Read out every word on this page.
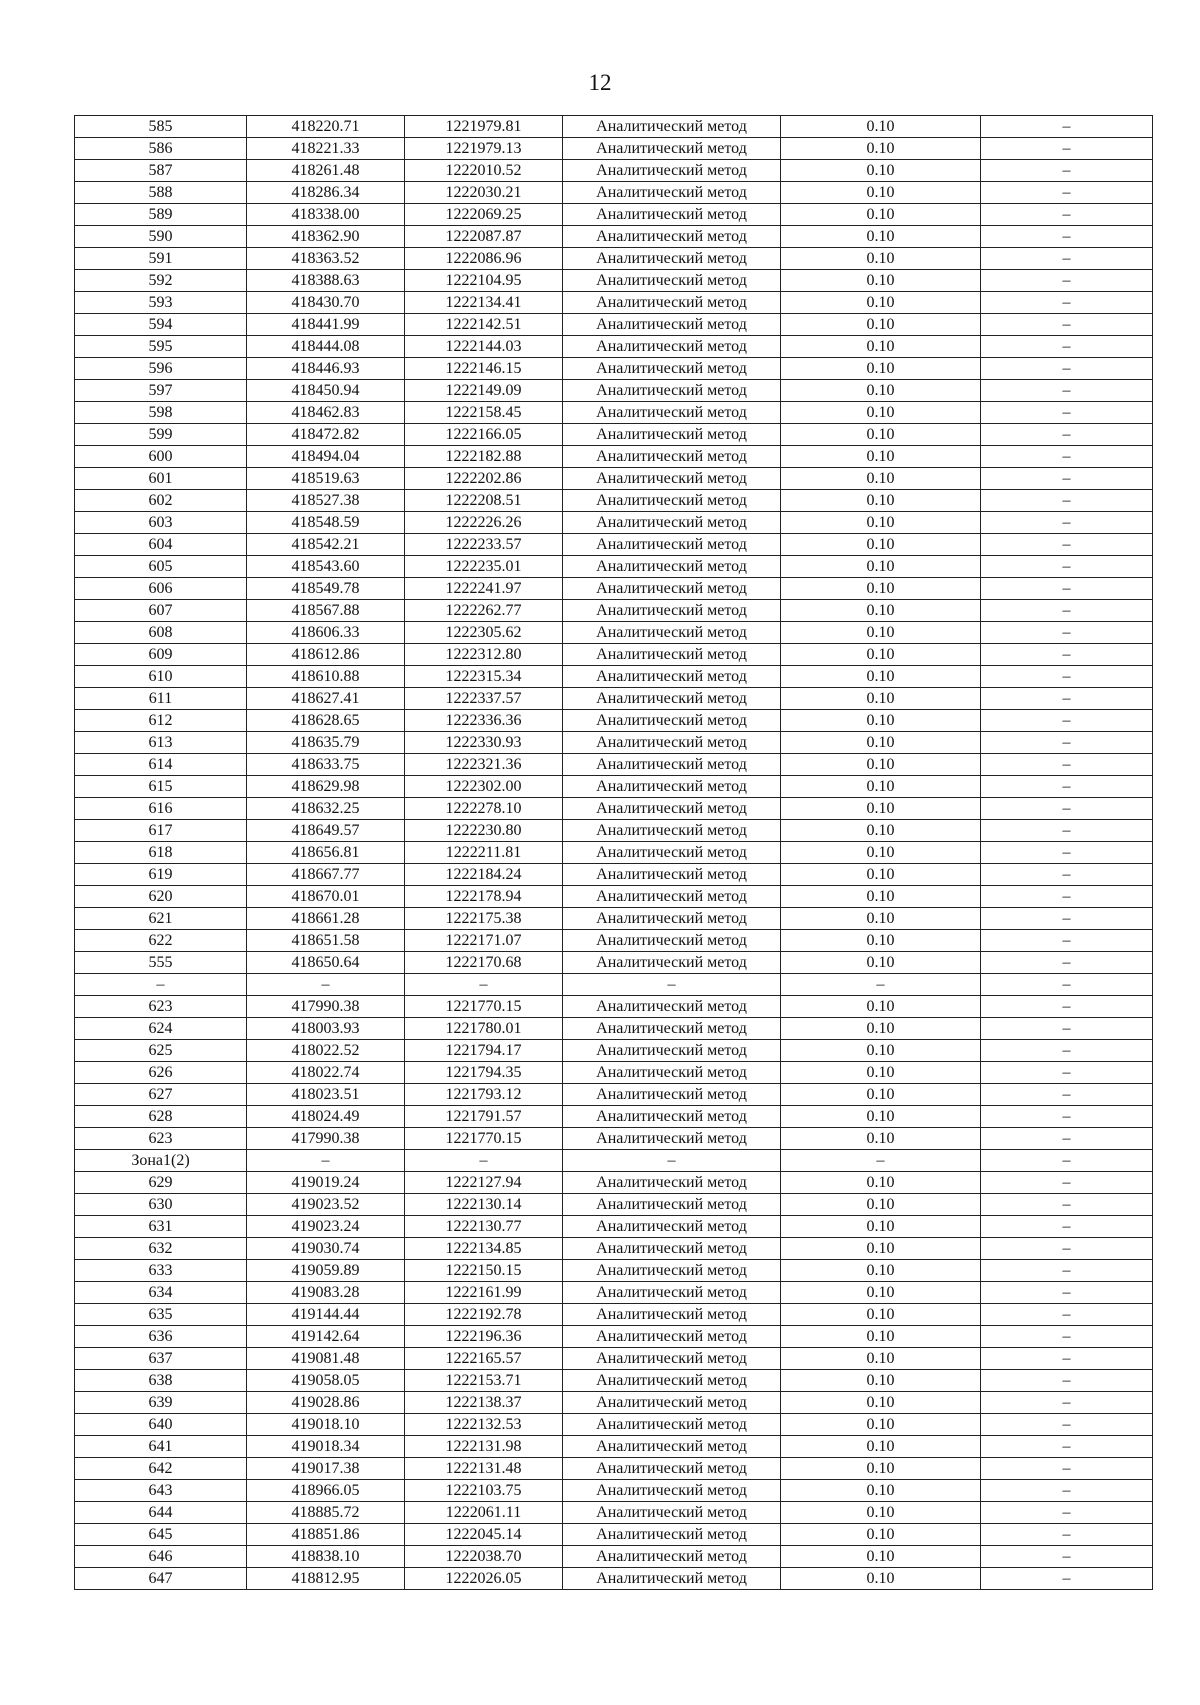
12
585	418220.71	1221979.81	Аналитический метод	0.10	–
586	418221.33	1221979.13	Аналитический метод	0.10	–
587	418261.48	1222010.52	Аналитический метод	0.10	–
588	418286.34	1222030.21	Аналитический метод	0.10	–
589	418338.00	1222069.25	Аналитический метод	0.10	–
590	418362.90	1222087.87	Аналитический метод	0.10	–
591	418363.52	1222086.96	Аналитический метод	0.10	–
592	418388.63	1222104.95	Аналитический метод	0.10	–
593	418430.70	1222134.41	Аналитический метод	0.10	–
594	418441.99	1222142.51	Аналитический метод	0.10	–
595	418444.08	1222144.03	Аналитический метод	0.10	–
596	418446.93	1222146.15	Аналитический метод	0.10	–
597	418450.94	1222149.09	Аналитический метод	0.10	–
598	418462.83	1222158.45	Аналитический метод	0.10	–
599	418472.82	1222166.05	Аналитический метод	0.10	–
600	418494.04	1222182.88	Аналитический метод	0.10	–
601	418519.63	1222202.86	Аналитический метод	0.10	–
602	418527.38	1222208.51	Аналитический метод	0.10	–
603	418548.59	1222226.26	Аналитический метод	0.10	–
604	418542.21	1222233.57	Аналитический метод	0.10	–
605	418543.60	1222235.01	Аналитический метод	0.10	–
606	418549.78	1222241.97	Аналитический метод	0.10	–
607	418567.88	1222262.77	Аналитический метод	0.10	–
608	418606.33	1222305.62	Аналитический метод	0.10	–
609	418612.86	1222312.80	Аналитический метод	0.10	–
610	418610.88	1222315.34	Аналитический метод	0.10	–
611	418627.41	1222337.57	Аналитический метод	0.10	–
612	418628.65	1222336.36	Аналитический метод	0.10	–
613	418635.79	1222330.93	Аналитический метод	0.10	–
614	418633.75	1222321.36	Аналитический метод	0.10	–
615	418629.98	1222302.00	Аналитический метод	0.10	–
616	418632.25	1222278.10	Аналитический метод	0.10	–
617	418649.57	1222230.80	Аналитический метод	0.10	–
618	418656.81	1222211.81	Аналитический метод	0.10	–
619	418667.77	1222184.24	Аналитический метод	0.10	–
620	418670.01	1222178.94	Аналитический метод	0.10	–
621	418661.28	1222175.38	Аналитический метод	0.10	–
622	418651.58	1222171.07	Аналитический метод	0.10	–
555	418650.64	1222170.68	Аналитический метод	0.10	–
–	–	–	–	–	–
623	417990.38	1221770.15	Аналитический метод	0.10	–
624	418003.93	1221780.01	Аналитический метод	0.10	–
625	418022.52	1221794.17	Аналитический метод	0.10	–
626	418022.74	1221794.35	Аналитический метод	0.10	–
627	418023.51	1221793.12	Аналитический метод	0.10	–
628	418024.49	1221791.57	Аналитический метод	0.10	–
623	417990.38	1221770.15	Аналитический метод	0.10	–
Зона1(2)	–	–	–	–	–
629	419019.24	1222127.94	Аналитический метод	0.10	–
630	419023.52	1222130.14	Аналитический метод	0.10	–
631	419023.24	1222130.77	Аналитический метод	0.10	–
632	419030.74	1222134.85	Аналитический метод	0.10	–
633	419059.89	1222150.15	Аналитический метод	0.10	–
634	419083.28	1222161.99	Аналитический метод	0.10	–
635	419144.44	1222192.78	Аналитический метод	0.10	–
636	419142.64	1222196.36	Аналитический метод	0.10	–
637	419081.48	1222165.57	Аналитический метод	0.10	–
638	419058.05	1222153.71	Аналитический метод	0.10	–
639	419028.86	1222138.37	Аналитический метод	0.10	–
640	419018.10	1222132.53	Аналитический метод	0.10	–
641	419018.34	1222131.98	Аналитический метод	0.10	–
642	419017.38	1222131.48	Аналитический метод	0.10	–
643	418966.05	1222103.75	Аналитический метод	0.10	–
644	418885.72	1222061.11	Аналитический метод	0.10	–
645	418851.86	1222045.14	Аналитический метод	0.10	–
646	418838.10	1222038.70	Аналитический метод	0.10	–
647	418812.95	1222026.05	Аналитический метод	0.10	–
